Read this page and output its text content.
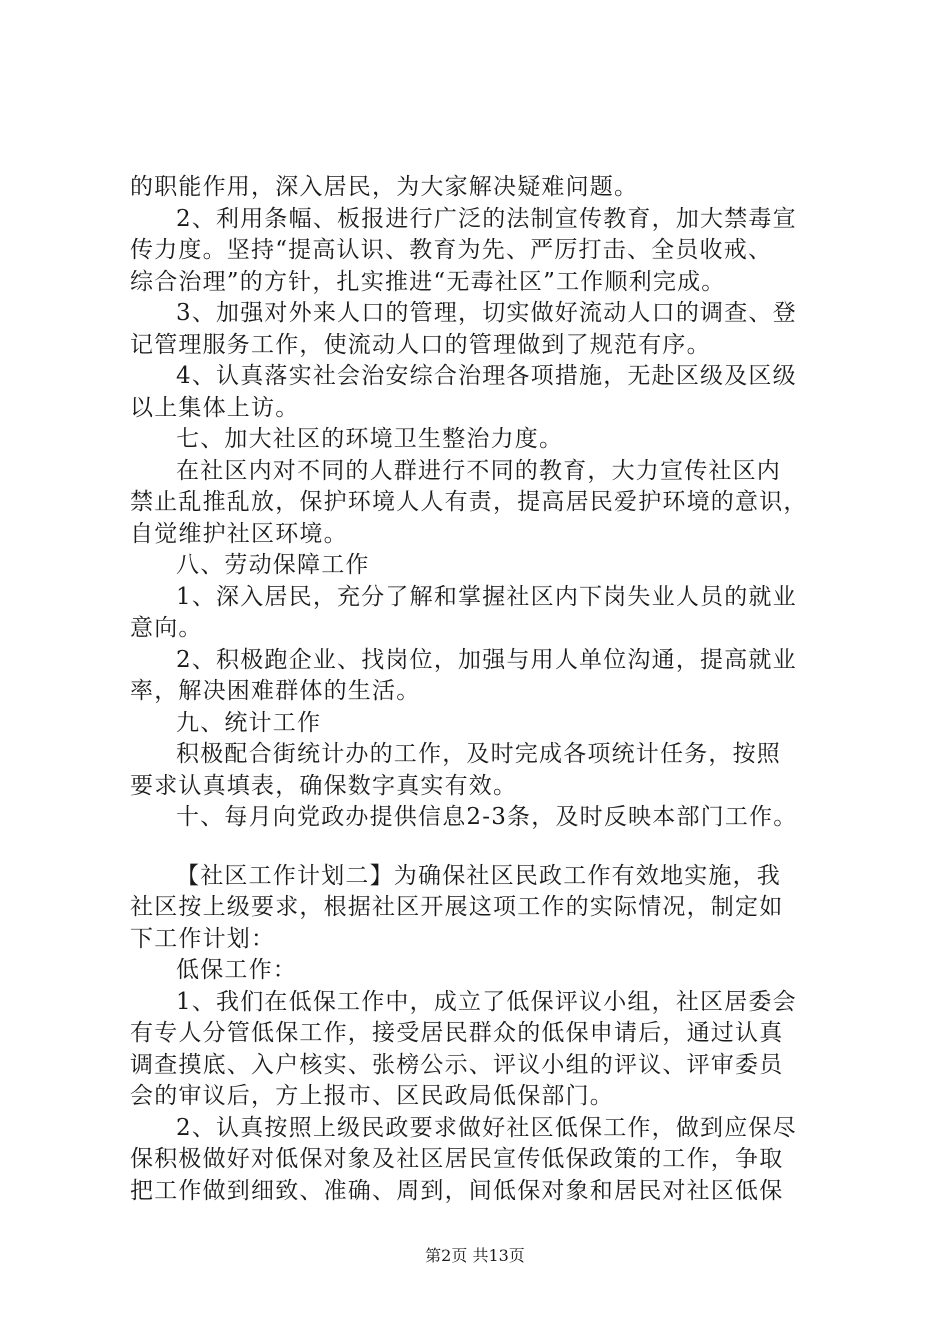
的职能作用，深入居民，为大家解决疑难问题。
2、利用条幅、板报进行广泛的法制宣传教育，加大禁毒宣
传力度。坚持“提高认识、教育为先、严厉打击、全员收戒、
综合治理”的方针，扎实推进“无毒社区”工作顺利完成。
3、加强对外来人口的管理，切实做好流动人口的调查、登
记管理服务工作，使流动人口的管理做到了规范有序。
4、认真落实社会治安综合治理各项措施，无赴区级及区级
以上集体上访。
七、加大社区的环境卫生整治力度。
在社区内对不同的人群进行不同的教育，大力宣传社区内
禁止乱推乱放，保护环境人人有责，提高居民爱护环境的意识，
自觉维护社区环境。
八、劳动保障工作
1、深入居民，充分了解和掌握社区内下岗失业人员的就业
意向。
2、积极跑企业、找岗位，加强与用人单位沟通，提高就业
率，解决困难群体的生活。
九、统计工作
积极配合街统计办的工作，及时完成各项统计任务，按照
要求认真填表，确保数字真实有效。
十、每月向党政办提供信息2-3条，及时反映本部门工作。
【社区工作计划二】为确保社区民政工作有效地实施，我
社区按上级要求，根据社区开展这项工作的实际情况，制定如
下工作计划：
低保工作：
1、我们在低保工作中，成立了低保评议小组，社区居委会
有专人分管低保工作，接受居民群众的低保申请后，通过认真
调查摸底、入户核实、张榜公示、评议小组的评议、评审委员
会的审议后，方上报市、区民政局低保部门。
2、认真按照上级民政要求做好社区低保工作，做到应保尽
保积极做好对低保对象及社区居民宣传低保政策的工作，争取
把工作做到细致、准确、周到，间低保对象和居民对社区低保
第2页 共13页
